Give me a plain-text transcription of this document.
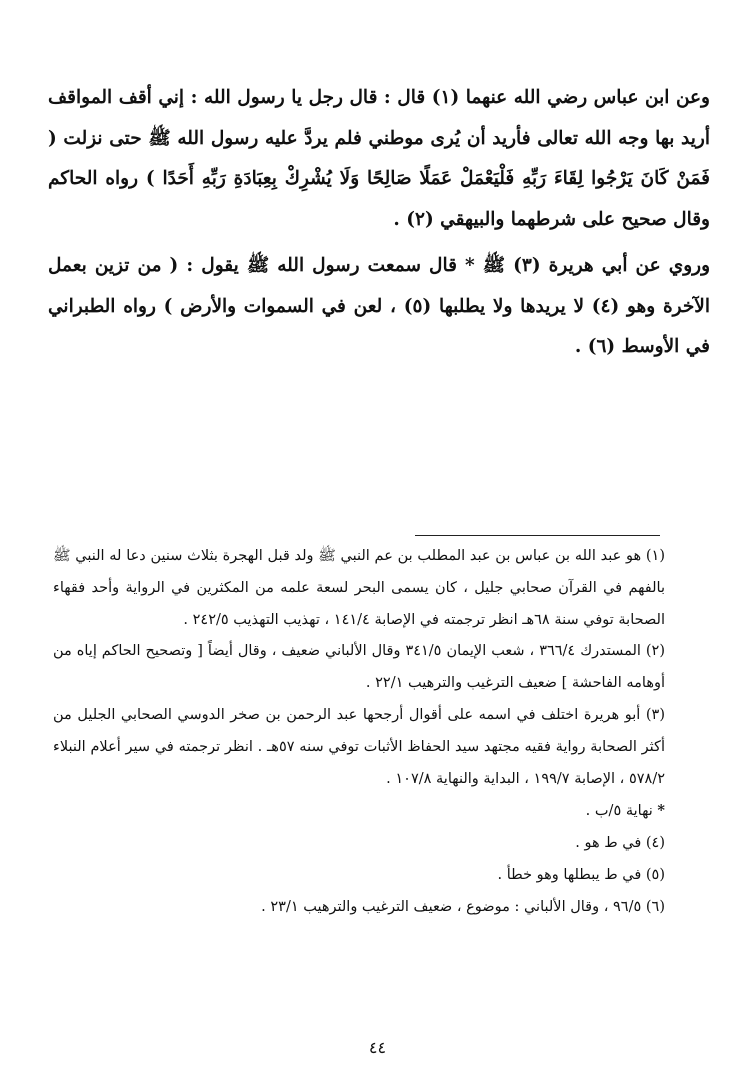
وعن ابن عباس رضي الله عنهما (١) قال : قال رجل يا رسول الله : إني أقف المواقف أريد بها وجه الله تعالى فأريد أن يُرى موطني فلم يردَّ عليه رسول الله ﷺ حتى نزلت ( فَمَنْ كَانَ يَرْجُوا لِقَاءَ رَبِّهِ فَلْيَعْمَلْ عَمَلًا صَالِحًا وَلَا يُشْرِكْ بِعِبَادَةِ رَبِّهِ أَحَدًا ) رواه الحاكم وقال صحيح على شرطهما والبيهقي (٢) .

وروي عن أبي هريرة (٣) ﷺ * قال سمعت رسول الله ﷺ يقول : ( من تزين بعمل الآخرة وهو (٤) لا يريدها ولا يطلبها (٥) ، لعن في السموات والأرض ) رواه الطبراني في الأوسط (٦) .

(١) هو عبد الله بن عباس بن عبد المطلب بن عم النبي ﷺ ولد قبل الهجرة بثلاث سنين دعا له النبي ﷺ بالفهم في القرآن صحابي جليل ، كان يسمى البحر لسعة علمه من المكثرين في الرواية وأحد فقهاء الصحابة توفي سنة ٦٨هـ انظر ترجمته في الإصابة ١٤١/٤ ، تهذيب التهذيب ٢٤٢/٥ .

(٢) المستدرك ٣٦٦/٤ ، شعب الإيمان ٣٤١/٥ وقال الألباني ضعيف ، وقال أيضاً [ وتصحيح الحاكم إياه من أوهامه الفاحشة ] ضعيف الترغيب والترهيب ٢٢/١ .

(٣) أبو هريرة اختلف في اسمه على أقوال أرجحها عبد الرحمن بن صخر الدوسي الصحابي الجليل من أكثر الصحابة رواية فقيه مجتهد سيد الحفاظ الأثبات توفي سنه ٥٧هـ . انظر ترجمته في سير أعلام النبلاء ٥٧٨/٢ ، الإصابة ١٩٩/٧ ، البداية والنهاية ١٠٧/٨ .

* نهاية ٥/ب .

(٤) في ط هو .

(٥) في ط يبطلها وهو خطأ .

(٦) ٩٦/٥ ، وقال الألباني : موضوع ، ضعيف الترغيب والترهيب ٢٣/١ .

٤٤
